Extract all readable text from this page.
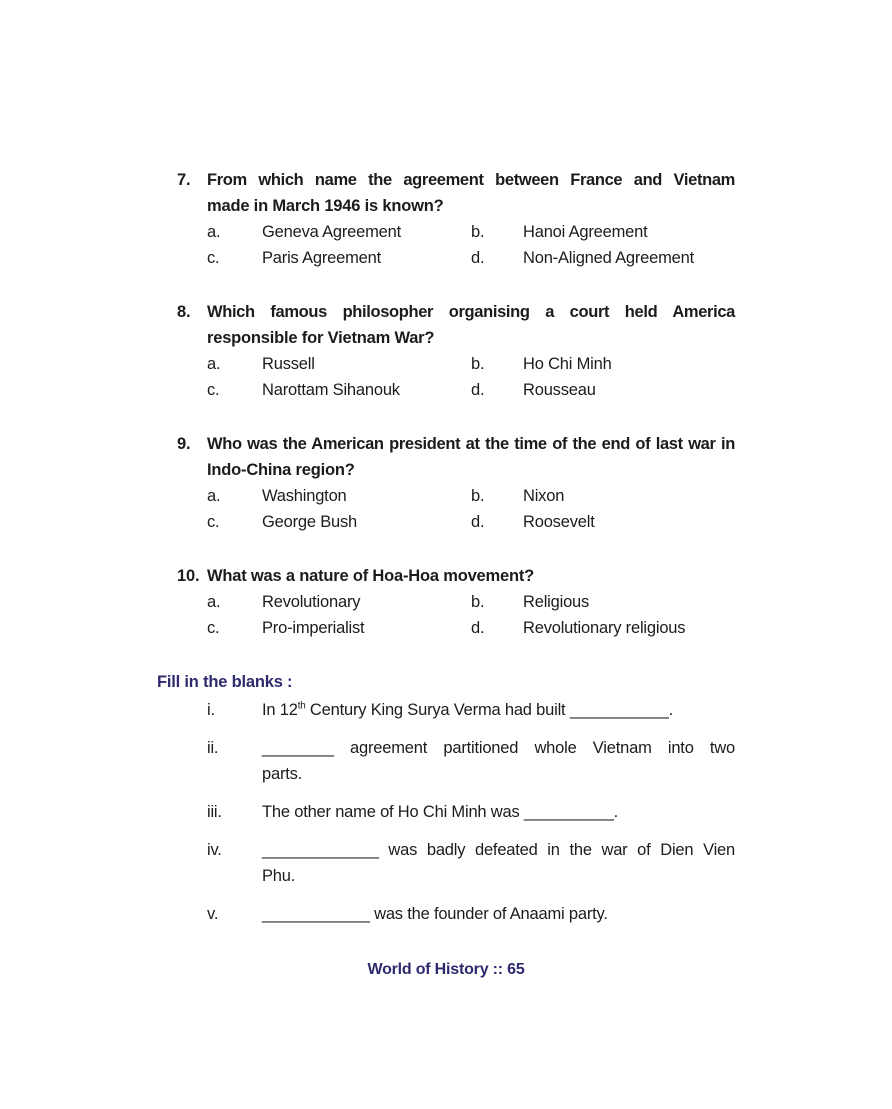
7.	From which name the agreement between France and Vietnam
made in March 1946 is known?
a.	Geneva Agreement	b.	Hanoi Agreement
c.	Paris Agreement	d.	Non-Aligned Agreement
8.	Which famous philosopher organising a court held America
responsible for Vietnam War?
a.	Russell	b.	Ho Chi Minh
c.	Narottam Sihanouk	d.	Rousseau
9.	Who was the American president at the time of the end of last war in
Indo-China region?
a.	Washington	b.	Nixon
c.	George Bush	d.	Roosevelt
10. What was a nature of Hoa-Hoa movement?
a.	Revolutionary	b.	Religious
c.	Pro-imperialist	d.	Revolutionary religious
Fill in the blanks :
i.	In 12th Century King Surya Verma had built ___________.
ii.	________ agreement partitioned whole Vietnam into two
parts.
iii.	The other name of Ho Chi Minh was __________.
iv.	_____________ was badly defeated in the war of Dien Vien
Phu.
v.	____________ was the founder of Anaami party.
World of History :: 65
